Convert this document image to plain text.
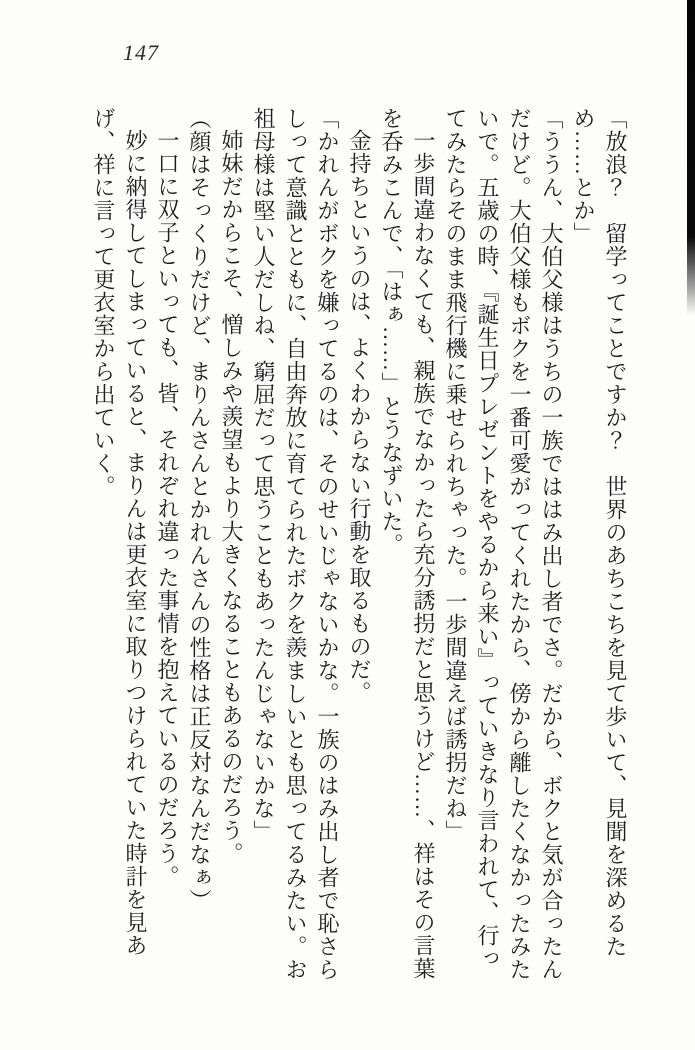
147

「放浪？　留学ってことですか？　世界のあちこちを見て歩いて、見聞を深めるため……とか」

「ううん、大伯父様はうちの一族でははみ出し者でさ。だから、ボクと気が合ったんだけど。大伯父様もボクを一番可愛がってくれたから、傍から離したくなかったみたいで。五歳の時、『誕生日プレゼントをやるから来い』っていきなり言われて、行ってみたらそのまま飛行機に乗せられちゃった。一歩間違えば誘拐だね」

一歩間違わなくても、親族でなかったら充分誘拐だと思うけど……、祥はその言葉を呑みこんで、「はぁ……」とうなずいた。

金持ちというのは、よくわからない行動を取るものだ。

「かれんがボクを嫌ってるのは、そのせいじゃないかな。一族のはみ出し者で恥さらしって意識とともに、自由奔放に育てられたボクを羨ましいとも思ってるみたい。お祖母様は堅い人だしね、窮屈だって思うこともあったんじゃないかな」

姉妹だからこそ、憎しみや羨望もより大きくなることもあるのだろう。

（顔はそっくりだけど、まりんさんとかれんさんの性格は正反対なんだなぁ）

一口に双子といっても、皆、それぞれ違った事情を抱えているのだろう。

妙に納得してしまっていると、まりんは更衣室に取りつけられていた時計を見あげ、祥に言って更衣室から出ていく。
